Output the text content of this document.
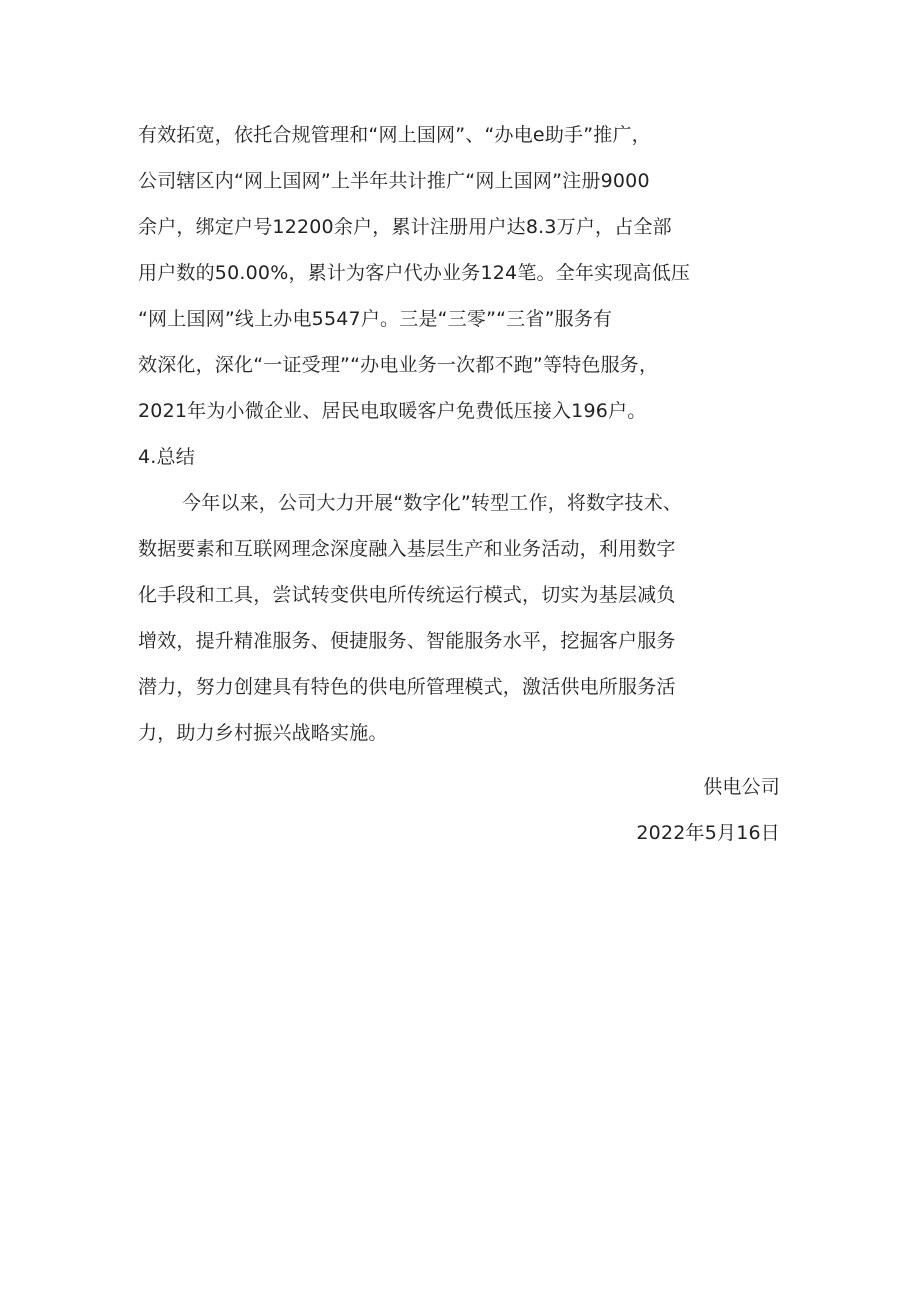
有效拓宽，依托合规管理和“网上国网”、“办电e助手”推广，
公司辖区内“网上国网”上半年共计推广“网上国网”注册9000
余户，绑定户号12200余户，累计注册用户达8.3万户，占全部
用户数的50.00%，累计为客户代办业务124笔。全年实现高低压
“网上国网”线上办电5547户。三是“三零”“三省”服务有
效深化，深化“一证受理”“办电业务一次都不跑”等特色服务，
2021年为小微企业、居民电取暖客户免费低压接入196户。
4.总结
今年以来，公司大力开展“数字化”转型工作，将数字技术、
数据要素和互联网理念深度融入基层生产和业务活动，利用数字
化手段和工具，尝试转变供电所传统运行模式，切实为基层减负
增效，提升精准服务、便捷服务、智能服务水平，挖掘客户服务
潜力，努力创建具有特色的供电所管理模式，激活供电所服务活
力，助力乡村振兴战略实施。
供电公司
2022年5月16日
